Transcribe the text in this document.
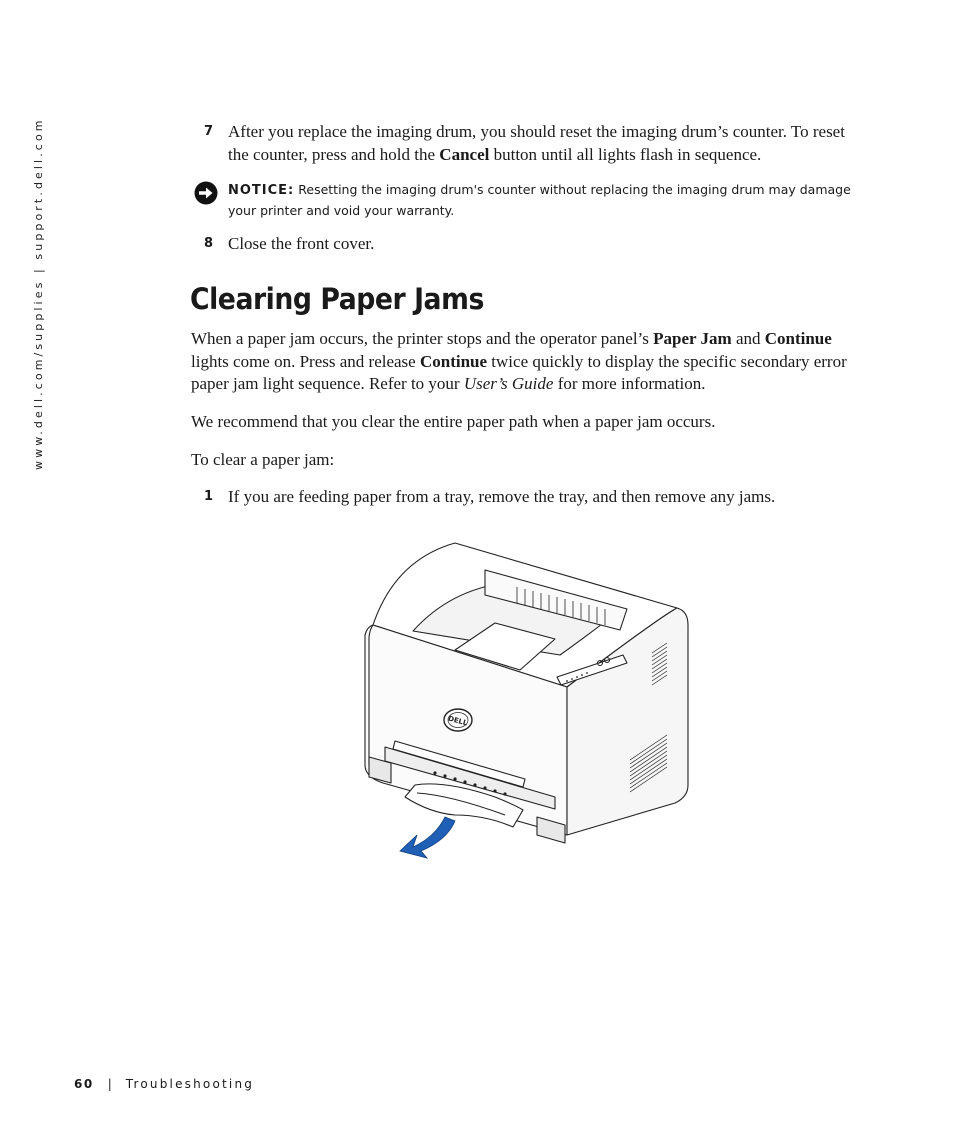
www.dell.com/supplies | support.dell.com	7 After you replace the imaging drum, you should reset the imaging drum’s counter. To reset the counter, press and hold the Cancel button until all lights flash in sequence.
NOTICE: Resetting the imaging drum's counter without replacing the imaging drum may damage your printer and void your warranty.
8 Close the front cover.
Clearing Paper Jams

When a paper jam occurs, the printer stops and the operator panel’s Paper Jam and Continue lights come on. Press and release Continue twice quickly to display the specific secondary error paper jam light sequence. Refer to your User’s Guide for more information.

We recommend that you clear the entire paper path when a paper jam occurs.

To clear a paper jam:

1 If you are feeding paper from a tray, remove the tray, and then remove any jams.
DELL
60 | Troubleshooting
